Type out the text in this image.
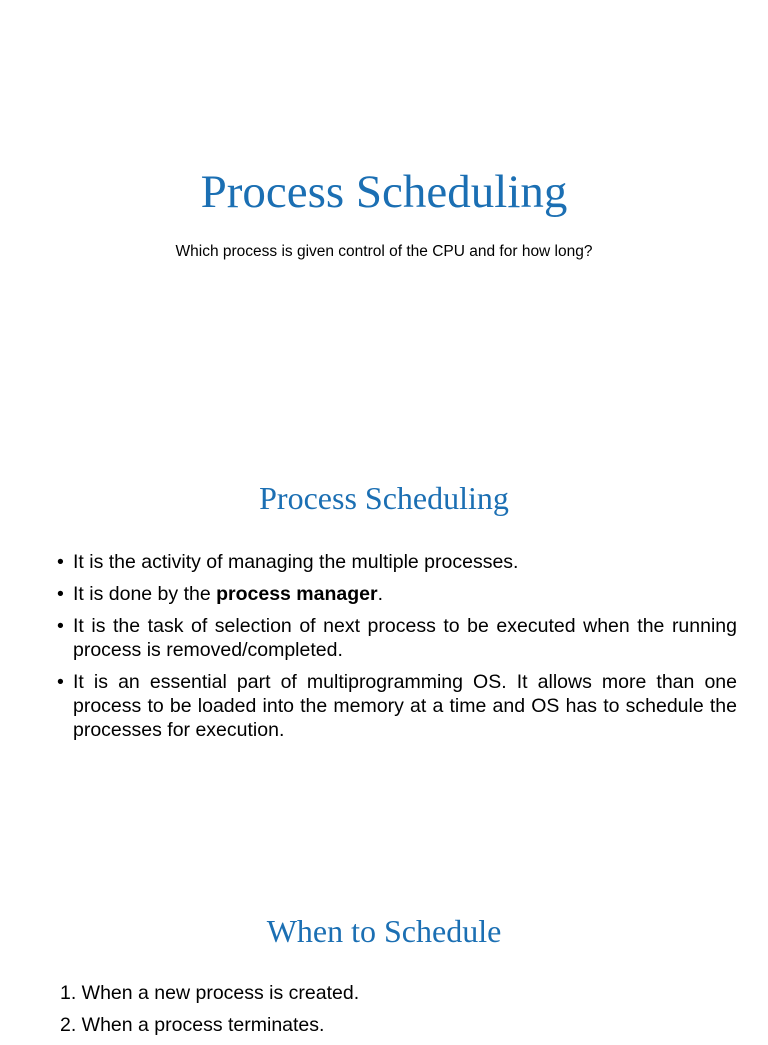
Process Scheduling

Which process is given control of the CPU and for how long?

Process Scheduling
• It is the activity of managing the multiple processes.
• It is done by the process manager.
• It is the task of selection of next process to be executed when the running process is removed/completed.
• It is an essential part of multiprogramming OS. It allows more than one process to be loaded into the memory at a time and OS has to schedule the processes for execution.
When to Schedule
1. When a new process is created.
2. When a process terminates.
